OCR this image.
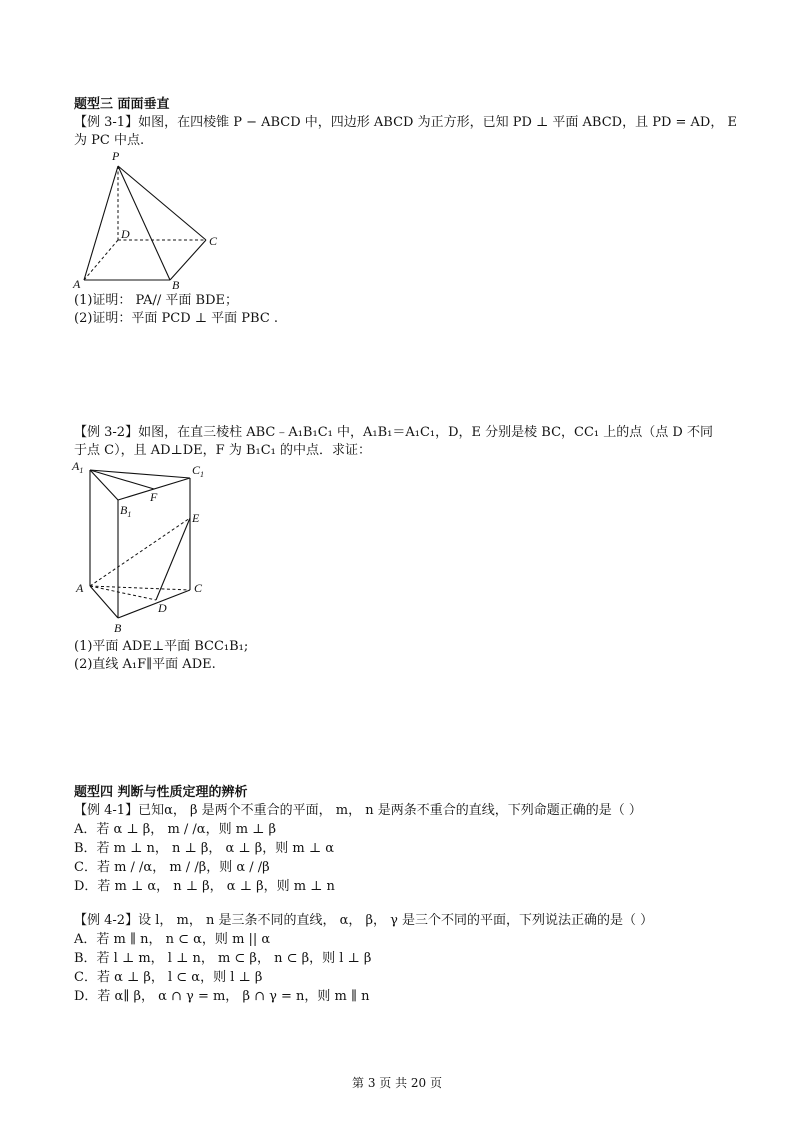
题型三 面面垂直
【例 3-1】如图，在四棱锥 P − ABCD 中，四边形 ABCD 为正方形，已知 PD ⊥ 平面 ABCD，且 PD = AD， E
为 PC 中点.
P
D	C
A	B
(1)证明： PA// 平面 BDE；
(2)证明：平面 PCD ⊥ 平面 PBC .
【例 3-2】如图，在直三棱柱 ABC﹣A₁B₁C₁ 中，A₁B₁＝A₁C₁，D，E 分别是棱 BC，CC₁ 上的点（点 D 不同
于点 C），且 AD⊥DE，F 为 B₁C₁ 的中点．求证：
$A_1$	$C_1$
F
$B_1$	E
A	C
D
B
(1)平面 ADE⊥平面 BCC₁B₁;
(2)直线 A₁F∥平面 ADE.
题型四 判断与性质定理的辨析
【例 4-1】已知α， β 是两个不重合的平面， m， n 是两条不重合的直线，下列命题正确的是（ ）
A．若 α ⊥ β， m / /α，则 m ⊥ β
B．若 m ⊥ n， n ⊥ β， α ⊥ β，则 m ⊥ α
C．若 m / /α， m / /β，则 α / /β
D．若 m ⊥ α， n ⊥ β， α ⊥ β，则 m ⊥ n
【例 4-2】设 l， m， n 是三条不同的直线， α， β， γ 是三个不同的平面，下列说法正确的是（ ）
A．若 m ∥ n， n ⊂ α，则 m || α
B．若 l ⊥ m， l ⊥ n， m ⊂ β， n ⊂ β，则 l ⊥ β
C．若 α ⊥ β， l ⊂ α，则 l ⊥ β
D．若 α∥ β， α ∩ γ = m， β ∩ γ = n，则 m ∥ n
第 3 页 共 20 页
